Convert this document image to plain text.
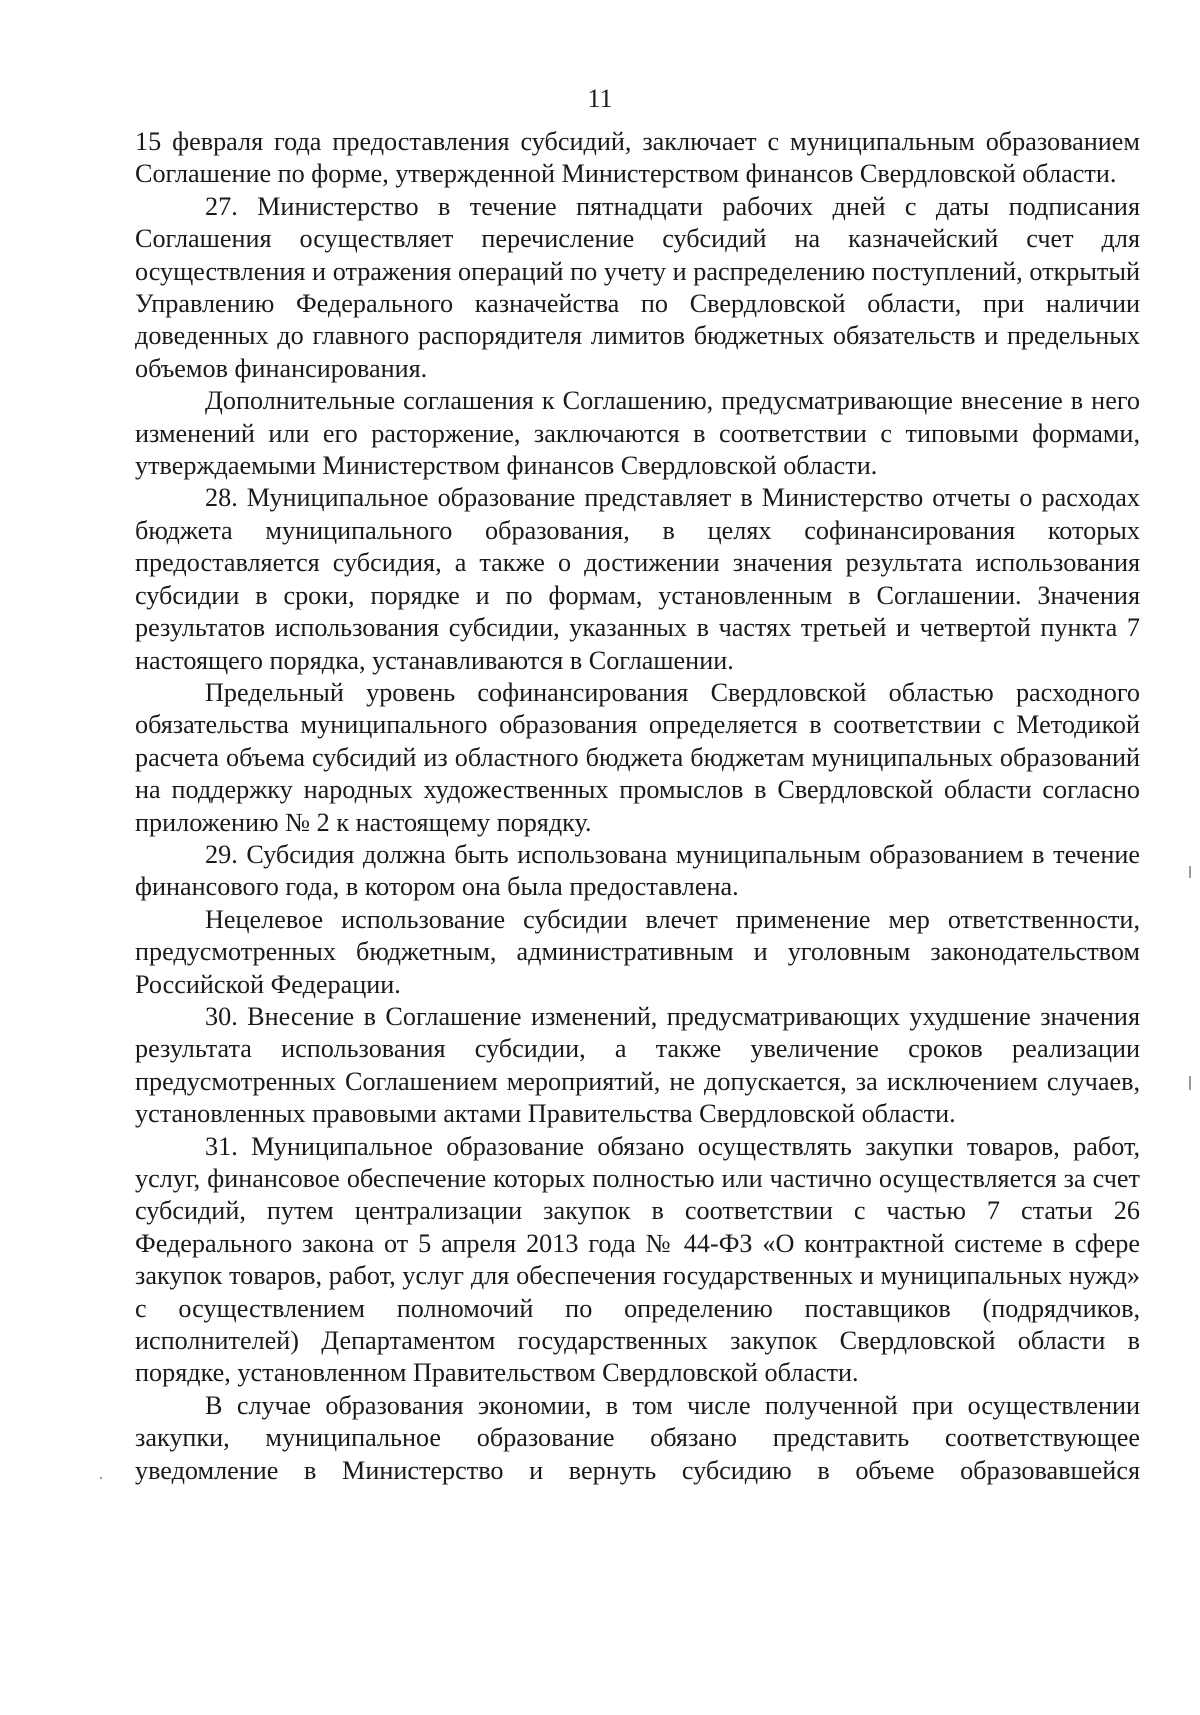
11

15 февраля года предоставления субсидий, заключает с муниципальным образованием Соглашение по форме, утвержденной Министерством финансов Свердловской области.

27. Министерство в течение пятнадцати рабочих дней с даты подписания Соглашения осуществляет перечисление субсидий на казначейский счет для осуществления и отражения операций по учету и распределению поступлений, открытый Управлению Федерального казначейства по Свердловской области, при наличии доведенных до главного распорядителя лимитов бюджетных обязательств и предельных объемов финансирования.

Дополнительные соглашения к Соглашению, предусматривающие внесение в него изменений или его расторжение, заключаются в соответствии с типовыми формами, утверждаемыми Министерством финансов Свердловской области.

28. Муниципальное образование представляет в Министерство отчеты о расходах бюджета муниципального образования, в целях софинансирования которых предоставляется субсидия, а также о достижении значения результата использования субсидии в сроки, порядке и по формам, установленным в Соглашении. Значения результатов использования субсидии, указанных в частях третьей и четвертой пункта 7 настоящего порядка, устанавливаются в Соглашении.

Предельный уровень софинансирования Свердловской областью расходного обязательства муниципального образования определяется в соответствии с Методикой расчета объема субсидий из областного бюджета бюджетам муниципальных образований на поддержку народных художественных промыслов в Свердловской области согласно приложению № 2 к настоящему порядку.

29. Субсидия должна быть использована муниципальным образованием в течение финансового года, в котором она была предоставлена.

Нецелевое использование субсидии влечет применение мер ответственности, предусмотренных бюджетным, административным и уголовным законодательством Российской Федерации.

30. Внесение в Соглашение изменений, предусматривающих ухудшение значения результата использования субсидии, а также увеличение сроков реализации предусмотренных Соглашением мероприятий, не допускается, за исключением случаев, установленных правовыми актами Правительства Свердловской области.

31. Муниципальное образование обязано осуществлять закупки товаров, работ, услуг, финансовое обеспечение которых полностью или частично осуществляется за счет субсидий, путем централизации закупок в соответствии с частью 7 статьи 26 Федерального закона от 5 апреля 2013 года № 44-ФЗ «О контрактной системе в сфере закупок товаров, работ, услуг для обеспечения государственных и муниципальных нужд» с осуществлением полномочий по определению поставщиков (подрядчиков, исполнителей) Департаментом государственных закупок Свердловской области в порядке, установленном Правительством Свердловской области.

В случае образования экономии, в том числе полученной при осуществлении закупки, муниципальное образование обязано представить соответствующее уведомление в Министерство и вернуть субсидию в объеме образовавшейся
